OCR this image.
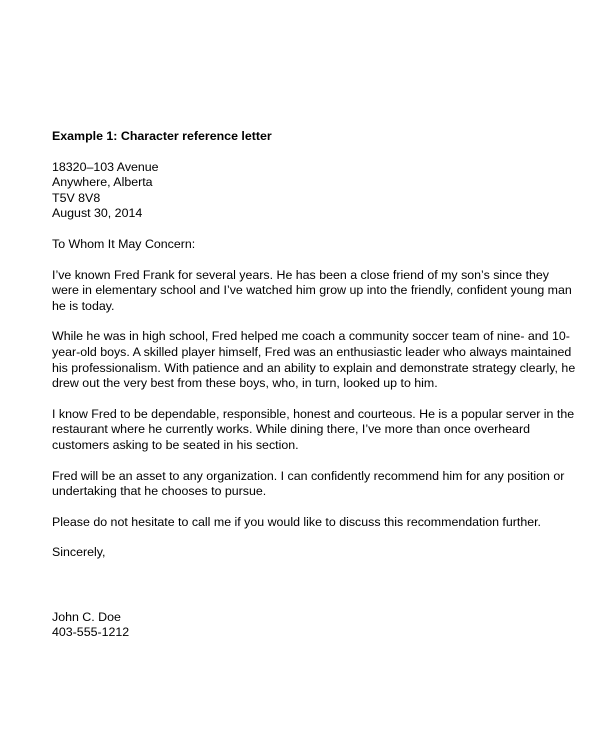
Example 1: Character reference letter
18320–103 Avenue
Anywhere, Alberta
T5V 8V8
August 30, 2014
To Whom It May Concern:
I’ve known Fred Frank for several years. He has been a close friend of my son’s since they
were in elementary school and I’ve watched him grow up into the friendly, confident young man
he is today.
While he was in high school, Fred helped me coach a community soccer team of nine- and 10-
year-old boys. A skilled player himself, Fred was an enthusiastic leader who always maintained
his professionalism. With patience and an ability to explain and demonstrate strategy clearly, he
drew out the very best from these boys, who, in turn, looked up to him.
I know Fred to be dependable, responsible, honest and courteous. He is a popular server in the
restaurant where he currently works. While dining there, I’ve more than once overheard
customers asking to be seated in his section.
Fred will be an asset to any organization. I can confidently recommend him for any position or
undertaking that he chooses to pursue.
Please do not hesitate to call me if you would like to discuss this recommendation further.
Sincerely,
John C. Doe
403-555-1212
